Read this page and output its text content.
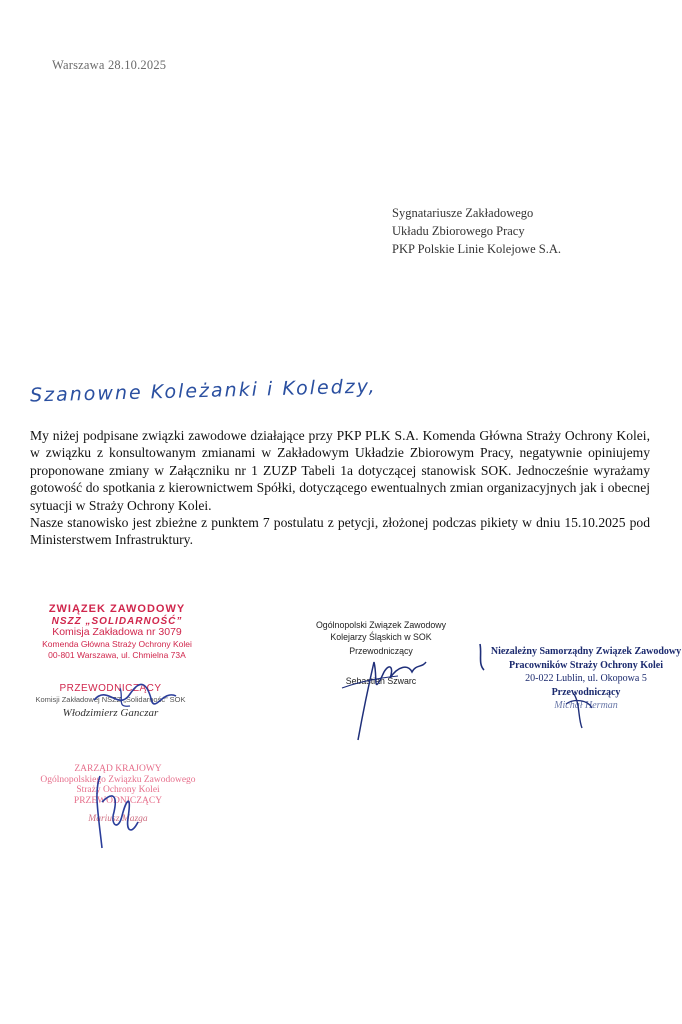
Warszawa 28.10.2025
Sygnatariusze Zakładowego
Układu Zbiorowego Pracy
PKP Polskie Linie Kolejowe S.A.
Szanowne Koleżanki i Koledzy,

My niżej podpisane związki zawodowe działające przy PKP PLK S.A. Komenda Główna Straży Ochrony Kolei, w związku z konsultowanym zmianami w Zakładowym Układzie Zbiorowym Pracy, negatywnie opiniujemy proponowane zmiany w Załączniku nr 1 ZUZP Tabeli 1a dotyczącej stanowisk SOK. Jednocześnie wyrażamy gotowość do spotkania z kierownictwem Spółki, dotyczącego ewentualnych zmian organizacyjnych jak i obecnej sytuacji w Straży Ochrony Kolei.

Nasze stanowisko jest zbieżne z punktem 7 postulatu z petycji, złożonej podczas pikiety w dniu 15.10.2025 pod Ministerstwem Infrastruktury.

ZWIĄZEK ZAWODOWY
NSZZ „SOLIDARNOŚĆ”
Komisja Zakładowa nr 3079
Komenda Główna Straży Ochrony Kolei
00-801 Warszawa, ul. Chmielna 73A
PRZEWODNICZĄCY
Komisji Zakładowej NSZZ „Solidarność” SOK
Włodzimierz Ganczar
ZARZĄD KRAJOWY
Ogólnopolskiego Związku Zawodowego
Straży Ochrony Kolei
PRZEWODNICZĄCY
Mariusz Mazga
Ogólnopolski Związek Zawodowy
Kolejarzy Śląskich w SOK
Przewodniczący
Sebastian Szwarc
Niezależny Samorządny Związek Zawodowy
Pracowników Straży Ochrony Kolei
20-022 Lublin, ul. Okopowa 5
Przewodniczący
Michał Herman
